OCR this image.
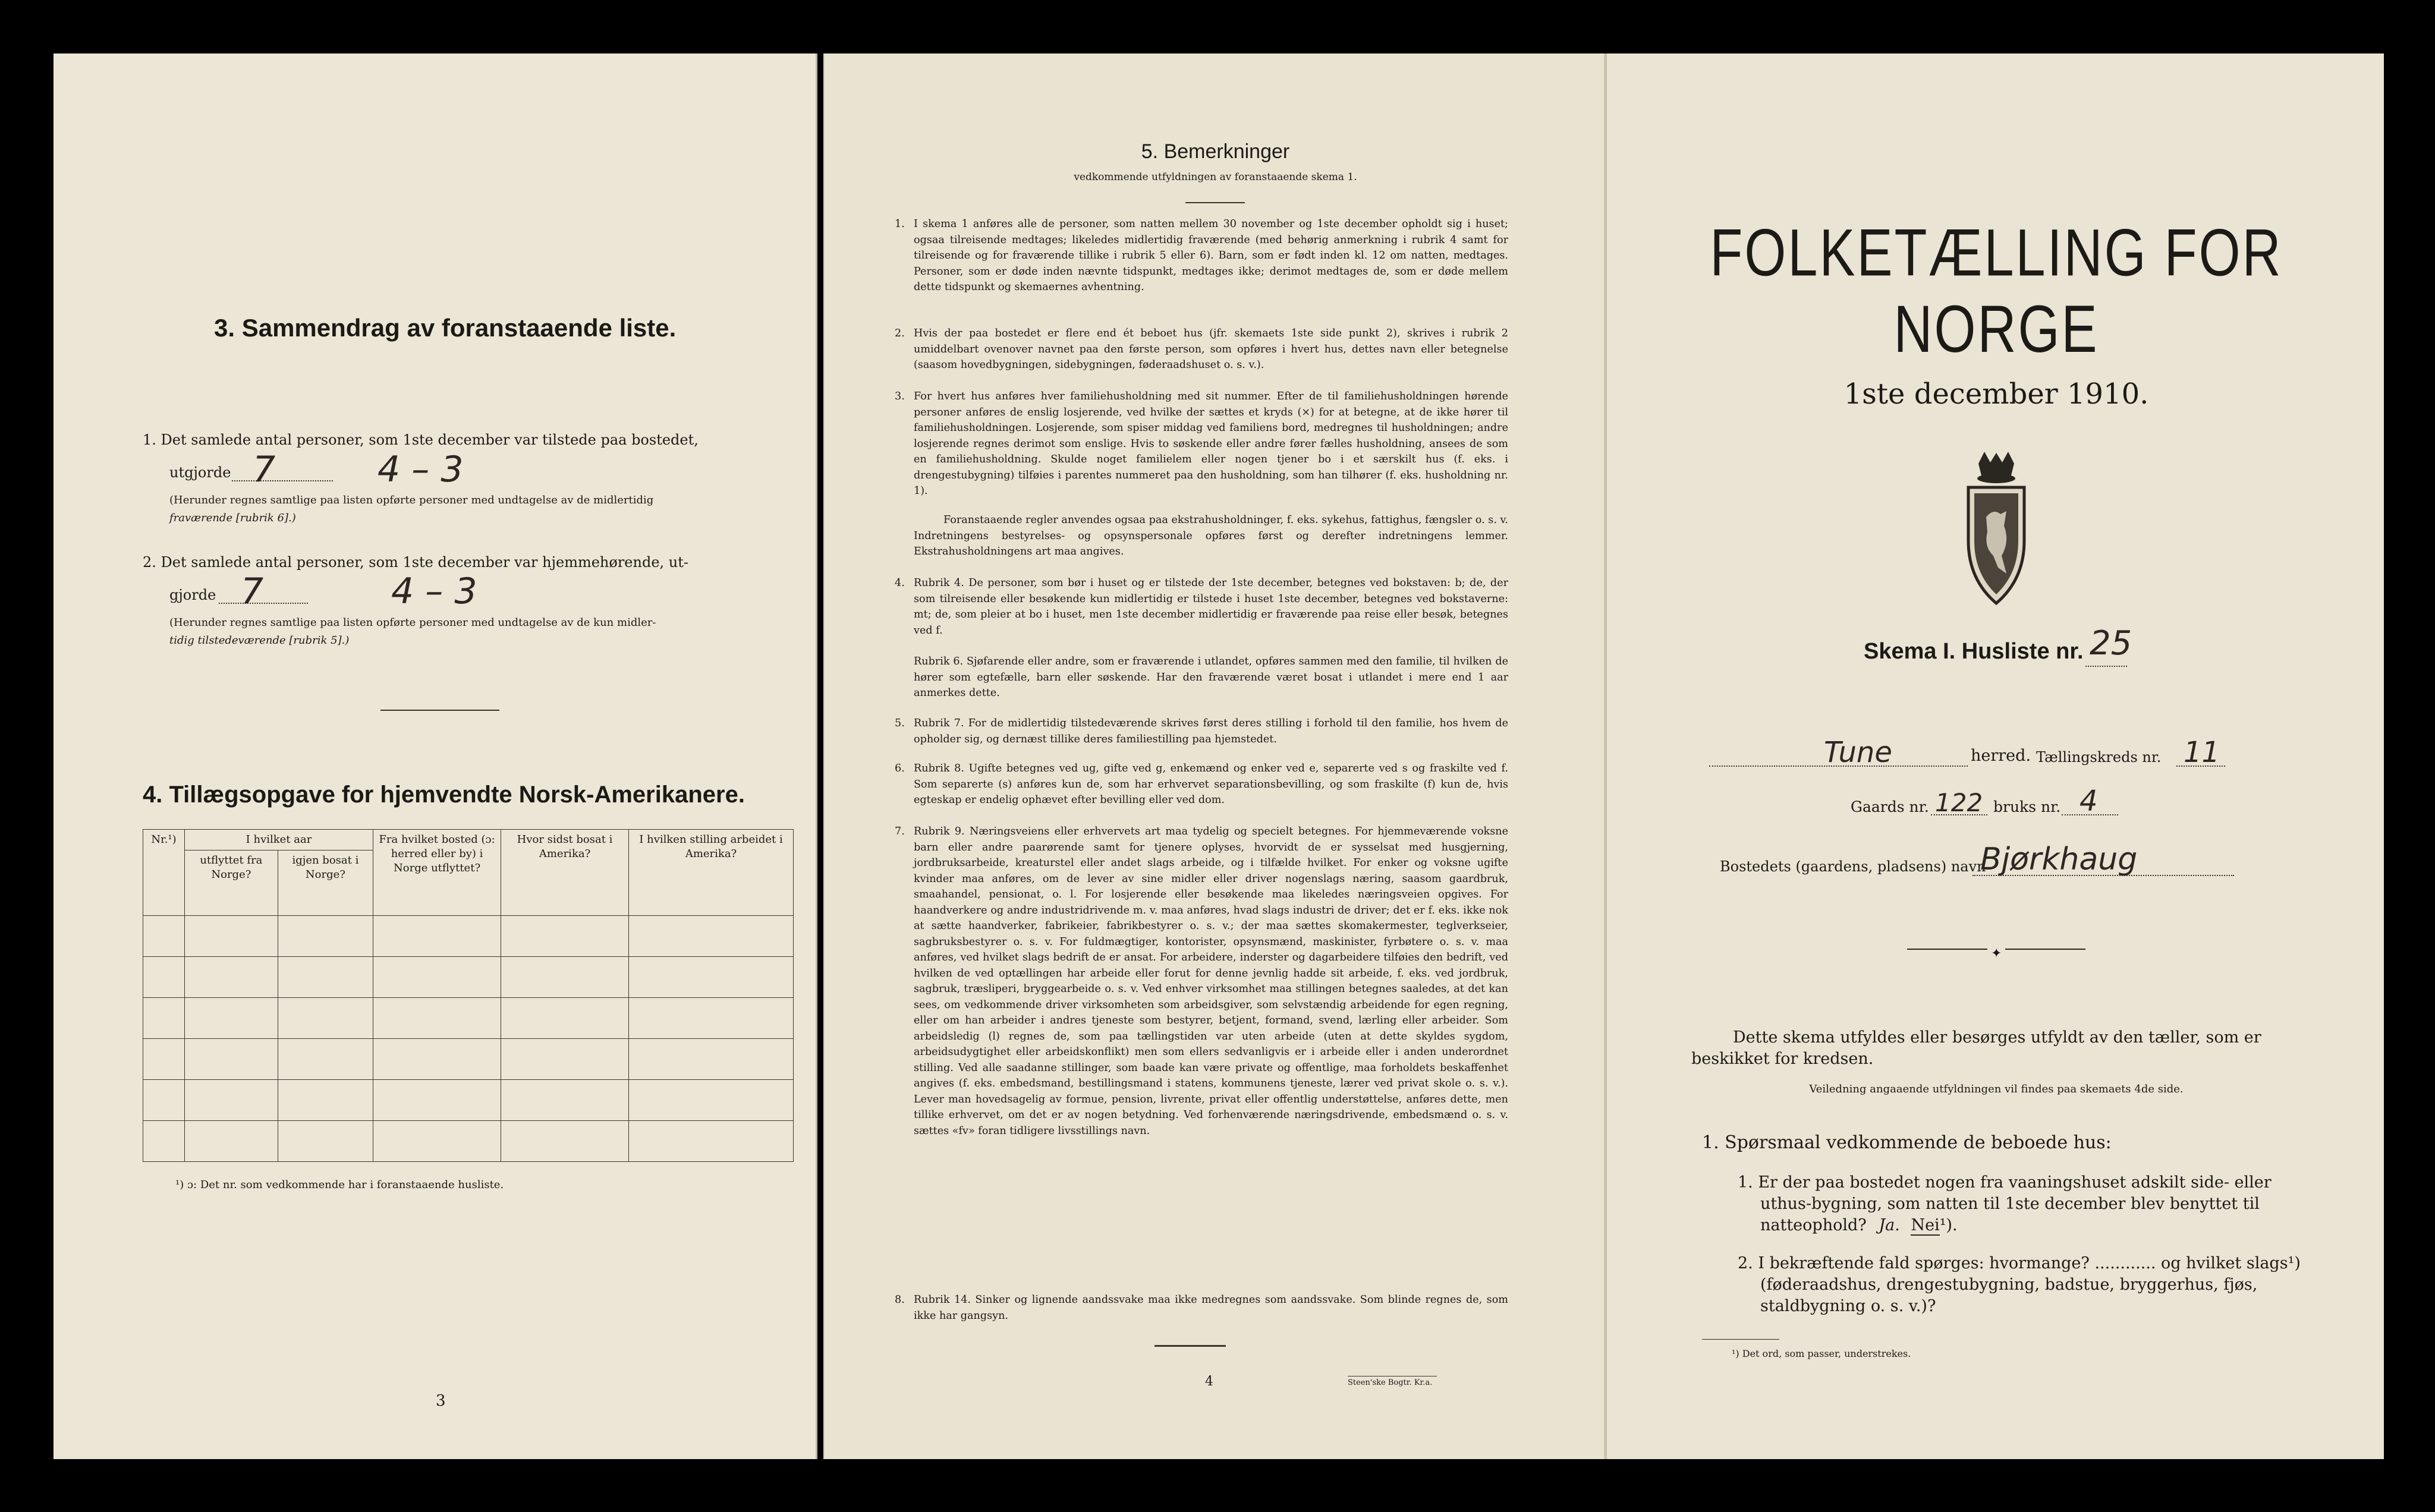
3. Sammendrag av foranstaaende liste.
1. Det samlede antal personer, som 1ste december var tilstede paa bostedet,
utgjorde 7	4 – 3
(Herunder regnes samtlige paa listen opførte personer med undtagelse av de midlertidig
fraværende [rubrik 6].)
2. Det samlede antal personer, som 1ste december var hjemmehørende, ut-
gjorde 7	4 – 3
(Herunder regnes samtlige paa listen opførte personer med undtagelse av de kun midler-
tidig tilstedeværende [rubrik 5].)
4. Tillægsopgave for hjemvendte Norsk-Amerikanere.
Nr.¹)	I hvilket aar		Fra hvilket bosted (ɔ: herred eller by) i Norge utflyttet?	Hvor sidst bosat i Amerika?	I hvilken stilling arbeidet i Amerika?
	utflyttet fra Norge?	igjen bosat i Norge?			

¹) ɔ: Det nr. som vedkommende har i foranstaaende husliste.
3
5. Bemerkninger
vedkommende utfyldningen av foranstaaende skema 1.
1. I skema 1 anføres alle de personer, som natten mellem 30 november og 1ste december opholdt sig i huset; ogsaa tilreisende medtages; likeledes midlertidig fraværende (med behørig anmerkning i rubrik 4 samt for tilreisende og for fraværende tillike i rubrik 5 eller 6). Barn, som er født inden kl. 12 om natten, medtages. Personer, som er døde inden nævnte tidspunkt, medtages ikke; derimot medtages de, som er døde mellem dette tidspunkt og skemaernes avhentning.

2. Hvis der paa bostedet er flere end ét beboet hus (jfr. skemaets 1ste side punkt 2), skrives i rubrik 2 umiddelbart ovenover navnet paa den første person, som opføres i hvert hus, dettes navn eller betegnelse (saasom hovedbygningen, sidebygningen, føderaadshuset o. s. v.).

3. For hvert hus anføres hver familiehusholdning med sit nummer. Efter de til familiehusholdningen hørende personer anføres de enslig losjerende, ved hvilke der sættes et kryds (×) for at betegne, at de ikke hører til familiehusholdningen. Losjerende, som spiser middag ved familiens bord, medregnes til husholdningen; andre losjerende regnes derimot som enslige. Hvis to søskende eller andre fører fælles husholdning, ansees de som en familiehusholdning. Skulde noget familielem eller nogen tjener bo i et særskilt hus (f. eks. i drengestubygning) tilføies i parentes nummeret paa den husholdning, som han tilhører (f. eks. husholdning nr. 1).

Foranstaaende regler anvendes ogsaa paa ekstrahusholdninger, f. eks. sykehus, fattighus, fængsler o. s. v. Indretningens bestyrelses- og opsynspersonale opføres først og derefter indretningens lemmer. Ekstrahusholdningens art maa angives.

4. Rubrik 4. De personer, som bør i huset og er tilstede der 1ste december, betegnes ved bokstaven: b; de, der som tilreisende eller besøkende kun midlertidig er tilstede i huset 1ste december, betegnes ved bokstaverne: mt; de, som pleier at bo i huset, men 1ste december midlertidig er fraværende paa reise eller besøk, betegnes ved f.

Rubrik 6. Sjøfarende eller andre, som er fraværende i utlandet, opføres sammen med den familie, til hvilken de hører som egtefælle, barn eller søskende. Har den fraværende været bosat i utlandet i mere end 1 aar anmerkes dette.

5. Rubrik 7. For de midlertidig tilstedeværende skrives først deres stilling i forhold til den familie, hos hvem de opholder sig, og dernæst tillike deres familiestilling paa hjemstedet.

6. Rubrik 8. Ugifte betegnes ved ug, gifte ved g, enkemænd og enker ved e, separerte ved s og fraskilte ved f. Som separerte (s) anføres kun de, som har erhvervet separationsbevilling, og som fraskilte (f) kun de, hvis egteskap er endelig ophævet efter bevilling eller ved dom.

7. Rubrik 9. Næringsveiens eller erhvervets art maa tydelig og specielt betegnes. For hjemmeværende voksne barn eller andre paarørende samt for tjenere oplyses, hvorvidt de er sysselsat med husgjerning, jordbruksarbeide, kreaturstel eller andet slags arbeide, og i tilfælde hvilket. For enker og voksne ugifte kvinder maa anføres, om de lever av sine midler eller driver nogenslags næring, saasom gaardbruk, smaahandel, pensionat, o. l. For losjerende eller besøkende maa likeledes næringsveien opgives. For haandverkere og andre industridrivende m. v. maa anføres, hvad slags industri de driver; det er f. eks. ikke nok at sætte haandverker, fabrikeier, fabrikbestyrer o. s. v.; der maa sættes skomakermester, teglverkseier, sagbruksbestyrer o. s. v. For fuldmægtiger, kontorister, opsynsmænd, maskinister, fyrbøtere o. s. v. maa anføres, ved hvilket slags bedrift de er ansat. For arbeidere, inderster og dagarbeidere tilføies den bedrift, ved hvilken de ved optællingen har arbeide eller forut for denne jevnlig hadde sit arbeide, f. eks. ved jordbruk, sagbruk, træsliperi, bryggearbeide o. s. v. Ved enhver virksomhet maa stillingen betegnes saaledes, at det kan sees, om vedkommende driver virksomheten som arbeidsgiver, som selvstændig arbeidende for egen regning, eller om han arbeider i andres tjeneste som bestyrer, betjent, formand, svend, lærling eller arbeider. Som arbeidsledig (l) regnes de, som paa tællingstiden var uten arbeide (uten at dette skyldes sygdom, arbeidsudygtighet eller arbeidskonflikt) men som ellers sedvanligvis er i arbeide eller i anden underordnet stilling. Ved alle saadanne stillinger, som baade kan være private og offentlige, maa forholdets beskaffenhet angives (f. eks. embedsmand, bestillingsmand i statens, kommunens tjeneste, lærer ved privat skole o. s. v.). Lever man hovedsagelig av formue, pension, livrente, privat eller offentlig understøttelse, anføres dette, men tillike erhvervet, om det er av nogen betydning. Ved forhenværende næringsdrivende, embedsmænd o. s. v. sættes «fv» foran tidligere livsstillings navn.

8. Rubrik 14. Sinker og lignende aandssvake maa ikke medregnes som aandssvake. Som blinde regnes de, som ikke har gangsyn.

4	Steen'ske Bogtr. Kr.a.
FOLKETÆLLING FOR NORGE
1ste december 1910.
Skema I. Husliste nr. 25
Tune	herred. Tællingskreds nr. 11
Gaards nr. 122 bruks nr. 4
Bostedets (gaardens, pladsens) navn
Bjørkhaug
✦
Dette skema utfyldes eller besørges utfyldt av den tæller, som er beskikket for kredsen.
Veiledning angaaende utfyldningen vil findes paa skemaets 4de side.
1. Spørsmaal vedkommende de beboede hus:
1. Er der paa bostedet nogen fra vaaningshuset adskilt side- eller uthus-bygning, som natten til 1ste december blev benyttet til natteophold? Ja. Nei¹).
2. I bekræftende fald spørges: hvormange? ............ og hvilket slags¹) (føderaadshus, drengestubygning, badstue, bryggerhus, fjøs, staldbygning o. s. v.)?
¹) Det ord, som passer, understrekes.
